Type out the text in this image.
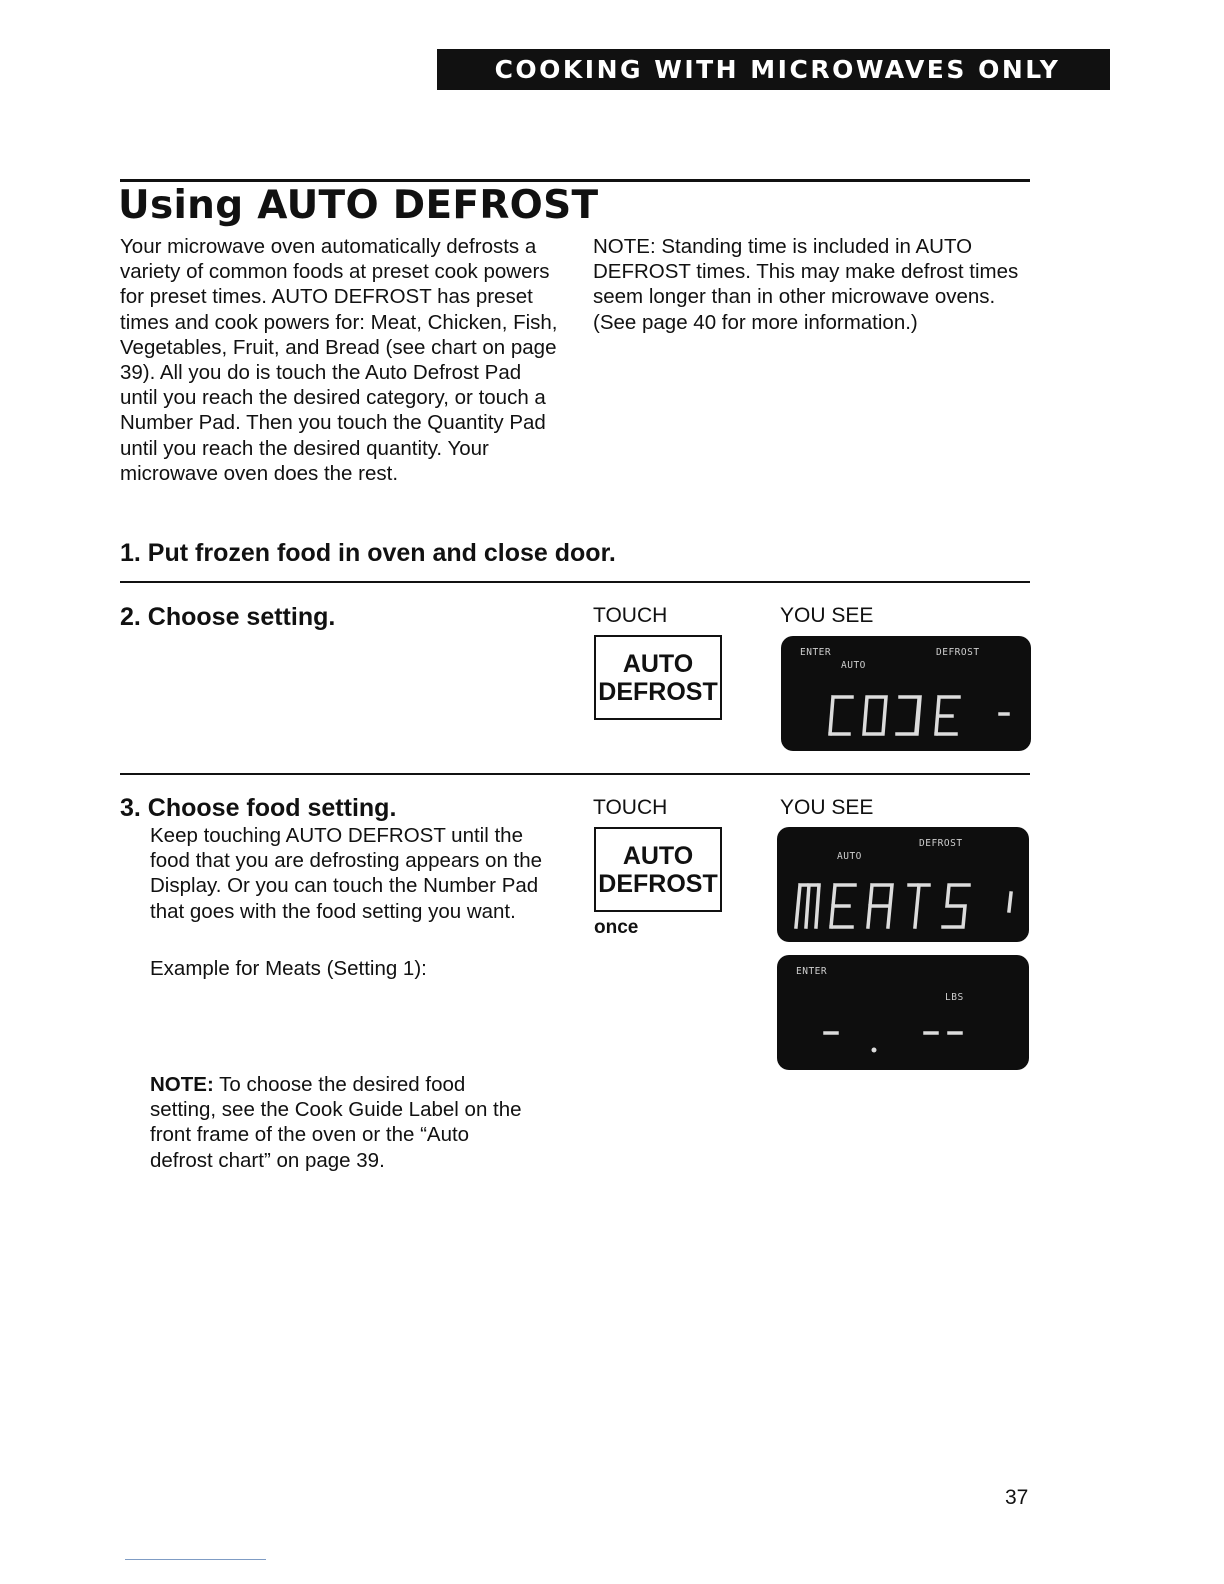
COOKING WITH MICROWAVES ONLY
Using AUTO DEFROST

Your microwave oven automatically defrosts a variety of common foods at preset cook powers for preset times. AUTO DEFROST has preset times and cook powers for: Meat, Chicken, Fish, Vegetables, Fruit, and Bread (see chart on page 39). All you do is touch the Auto Defrost Pad until you reach the desired category, or touch a Number Pad. Then you touch the Quantity Pad until you reach the desired quantity. Your microwave oven does the rest.

NOTE: Standing time is included in AUTO DEFROST times. This may make defrost times seem longer than in other microwave ovens. (See page 40 for more information.)

1. Put frozen food in oven and close door.

2. Choose setting.	TOUCH	YOU SEE
AUTO
DEFROST
ENTER
AUTO
DEFROST

3. Choose food setting.

Keep touching AUTO DEFROST until the food that you are defrosting appears on the Display. Or you can touch the Number Pad that goes with the food setting you want.

Example for Meats (Setting 1):

TOUCH	YOU SEE
AUTO
DEFROST
once
AUTO
DEFROST
ENTER
LBS

NOTE: To choose the desired food setting, see the Cook Guide Label on the front frame of the oven or the “Auto defrost chart” on page 39.

37
